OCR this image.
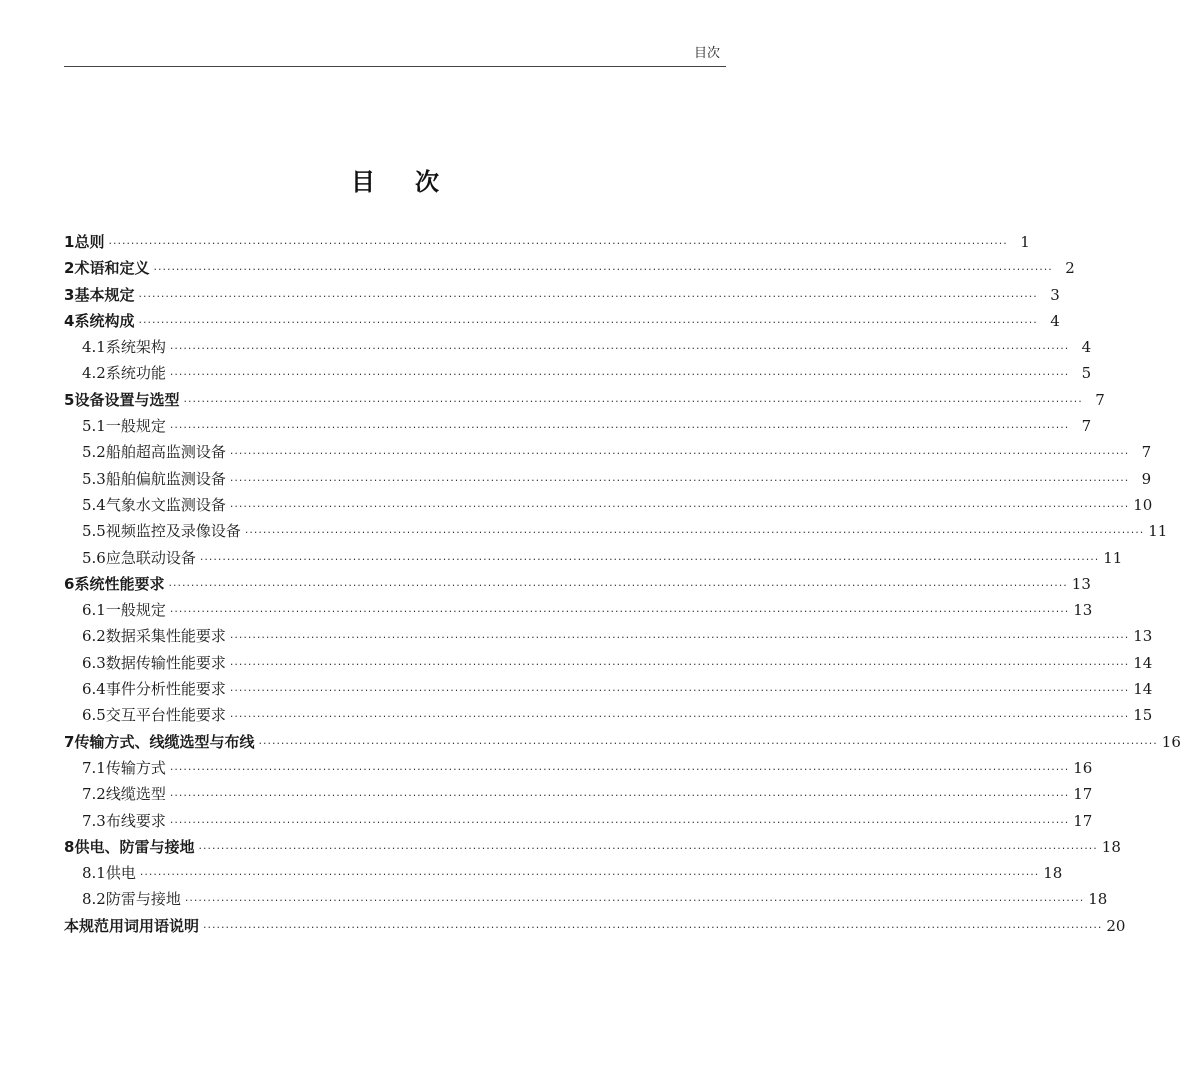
目次
目次
1 总则 ········································································································································································································ 1
2 术语和定义 ········································································································································································································ 2
3 基本规定 ········································································································································································································ 3
4 系统构成 ········································································································································································································ 4
4.1 系统架构 ········································································································································································································ 4
4.2 系统功能 ········································································································································································································ 5
5 设备设置与选型 ········································································································································································································ 7
5.1 一般规定 ········································································································································································································ 7
5.2 船舶超高监测设备 ········································································································································································································ 7
5.3 船舶偏航监测设备 ········································································································································································································ 9
5.4 气象水文监测设备 ········································································································································································································ 10
5.5 视频监控及录像设备 ········································································································································································································ 11
5.6 应急联动设备 ········································································································································································································ 11
6 系统性能要求 ········································································································································································································ 13
6.1 一般规定 ········································································································································································································ 13
6.2 数据采集性能要求 ········································································································································································································ 13
6.3 数据传输性能要求 ········································································································································································································ 14
6.4 事件分析性能要求 ········································································································································································································ 14
6.5 交互平台性能要求 ········································································································································································································ 15
7 传输方式、线缆选型与布线 ········································································································································································································ 16
7.1 传输方式 ········································································································································································································ 16
7.2 线缆选型 ········································································································································································································ 17
7.3 布线要求 ········································································································································································································ 17
8 供电、防雷与接地 ········································································································································································································ 18
8.1 供电 ········································································································································································································ 18
8.2 防雷与接地 ········································································································································································································ 18
本规范用词用语说明 ········································································································································································································ 20
